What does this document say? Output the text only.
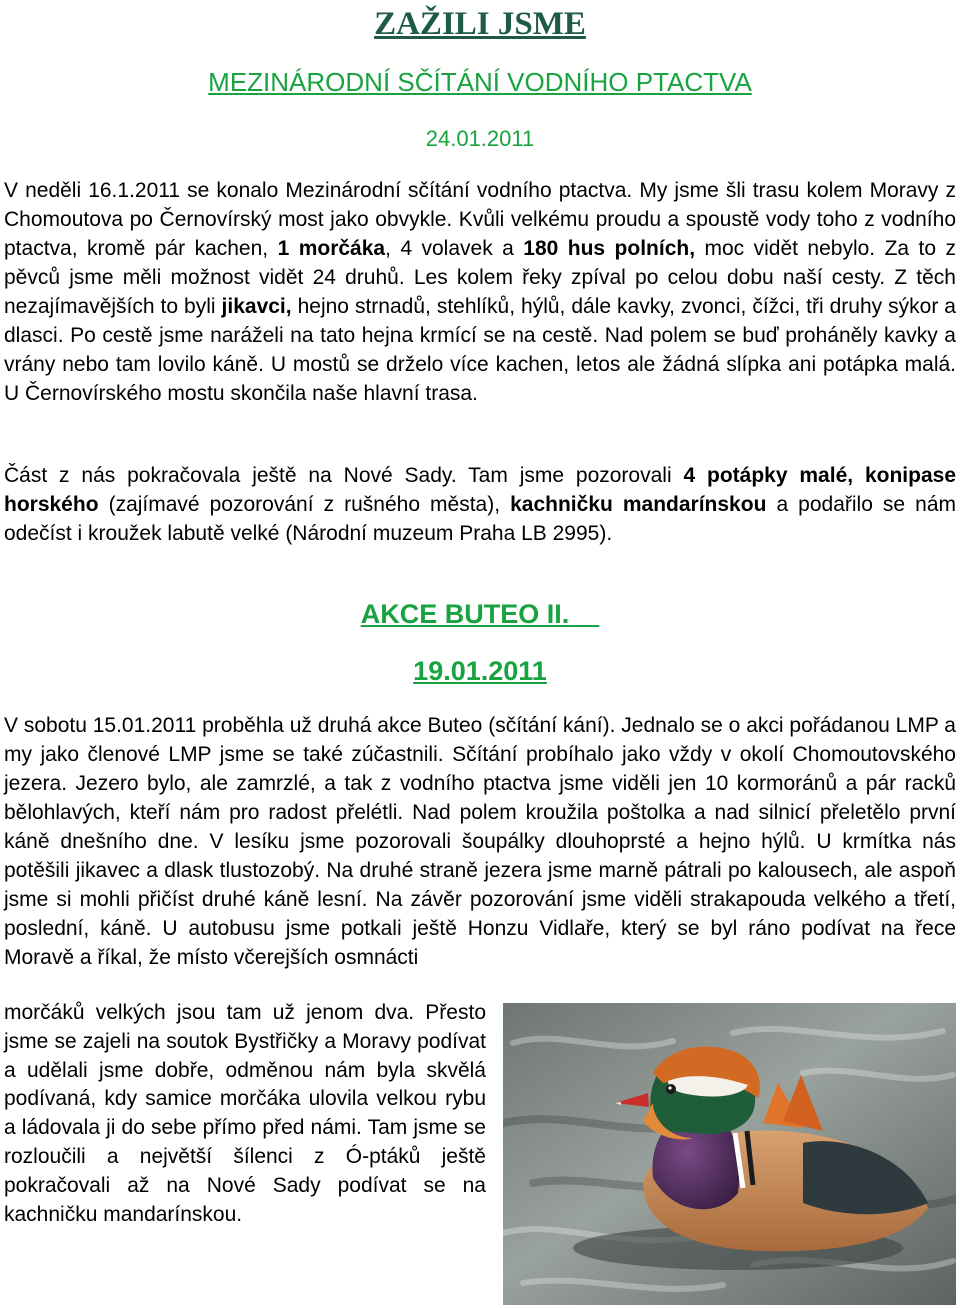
ZAŽILI JSME
MEZINÁRODNÍ SČÍTÁNÍ VODNÍHO PTACTVA
24.01.2011

V neděli 16.1.2011 se konalo Mezinárodní sčítání vodního ptactva. My jsme šli trasu kolem Moravy z Chomoutova po Černovírský most jako obvykle. Kvůli velkému proudu a spoustě vody toho z vodního ptactva, kromě pár kachen, 1 morčáka, 4 volavek a 180 hus polních, moc vidět nebylo. Za to z pěvců jsme měli možnost vidět 24 druhů. Les kolem řeky zpíval po celou dobu naší cesty. Z těch nezajímavějších to byli jikavci, hejno strnadů, stehlíků, hýlů, dále kavky, zvonci, čížci, tři druhy sýkor a dlasci. Po cestě jsme naráželi na tato hejna krmící se na cestě. Nad polem se buď proháněly kavky a vrány nebo tam lovilo káně. U mostů se drželo více kachen, letos ale žádná slípka ani potápka malá. U Černovírského mostu skončila naše hlavní trasa.

Část z nás pokračovala ještě na Nové Sady. Tam jsme pozorovali 4 potápky malé, konipase horského (zajímavé pozorování z rušného města), kachničku mandarínskou a podařilo se nám odečíst i kroužek labutě velké (Národní muzeum Praha LB 2995).

AKCE BUTEO II.
19.01.2011

V sobotu 15.01.2011 proběhla už druhá akce Buteo (sčítání kání). Jednalo se o akci pořádanou LMP a my jako členové LMP jsme se také zúčastnili. Sčítání probíhalo jako vždy v okolí Chomoutovského jezera. Jezero bylo, ale zamrzlé, a tak z vodního ptactva jsme viděli jen 10 kormoránů a pár racků bělohlavých, kteří nám pro radost přelétli. Nad polem kroužila poštolka a nad silnicí přeletělo první káně dnešního dne. V lesíku jsme pozorovali šoupálky dlouhoprsté a hejno hýlů. U krmítka nás potěšili jikavec a dlask tlustozobý. Na druhé straně jezera jsme marně pátrali po kalousech, ale aspoň jsme si mohli přičíst druhé káně lesní. Na závěr pozorování jsme viděli strakapouda velkého a třetí, poslední, káně. U autobusu jsme potkali ještě Honzu Vidlaře, který se byl ráno podívat na řece Moravě a říkal, že místo včerejších osmnácti

morčáků velkých jsou tam už jenom dva. Přesto jsme se zajeli na soutok Bystřičky a Moravy podívat a udělali jsme dobře, odměnou nám byla skvělá podívaná, kdy samice morčáka ulovila velkou rybu a ládovala ji do sebe přímo před námi. Tam jsme se rozloučili a největší šílenci z Ó-ptáků ještě pokračovali až na Nové Sady podívat se na kachničku mandarínskou.
